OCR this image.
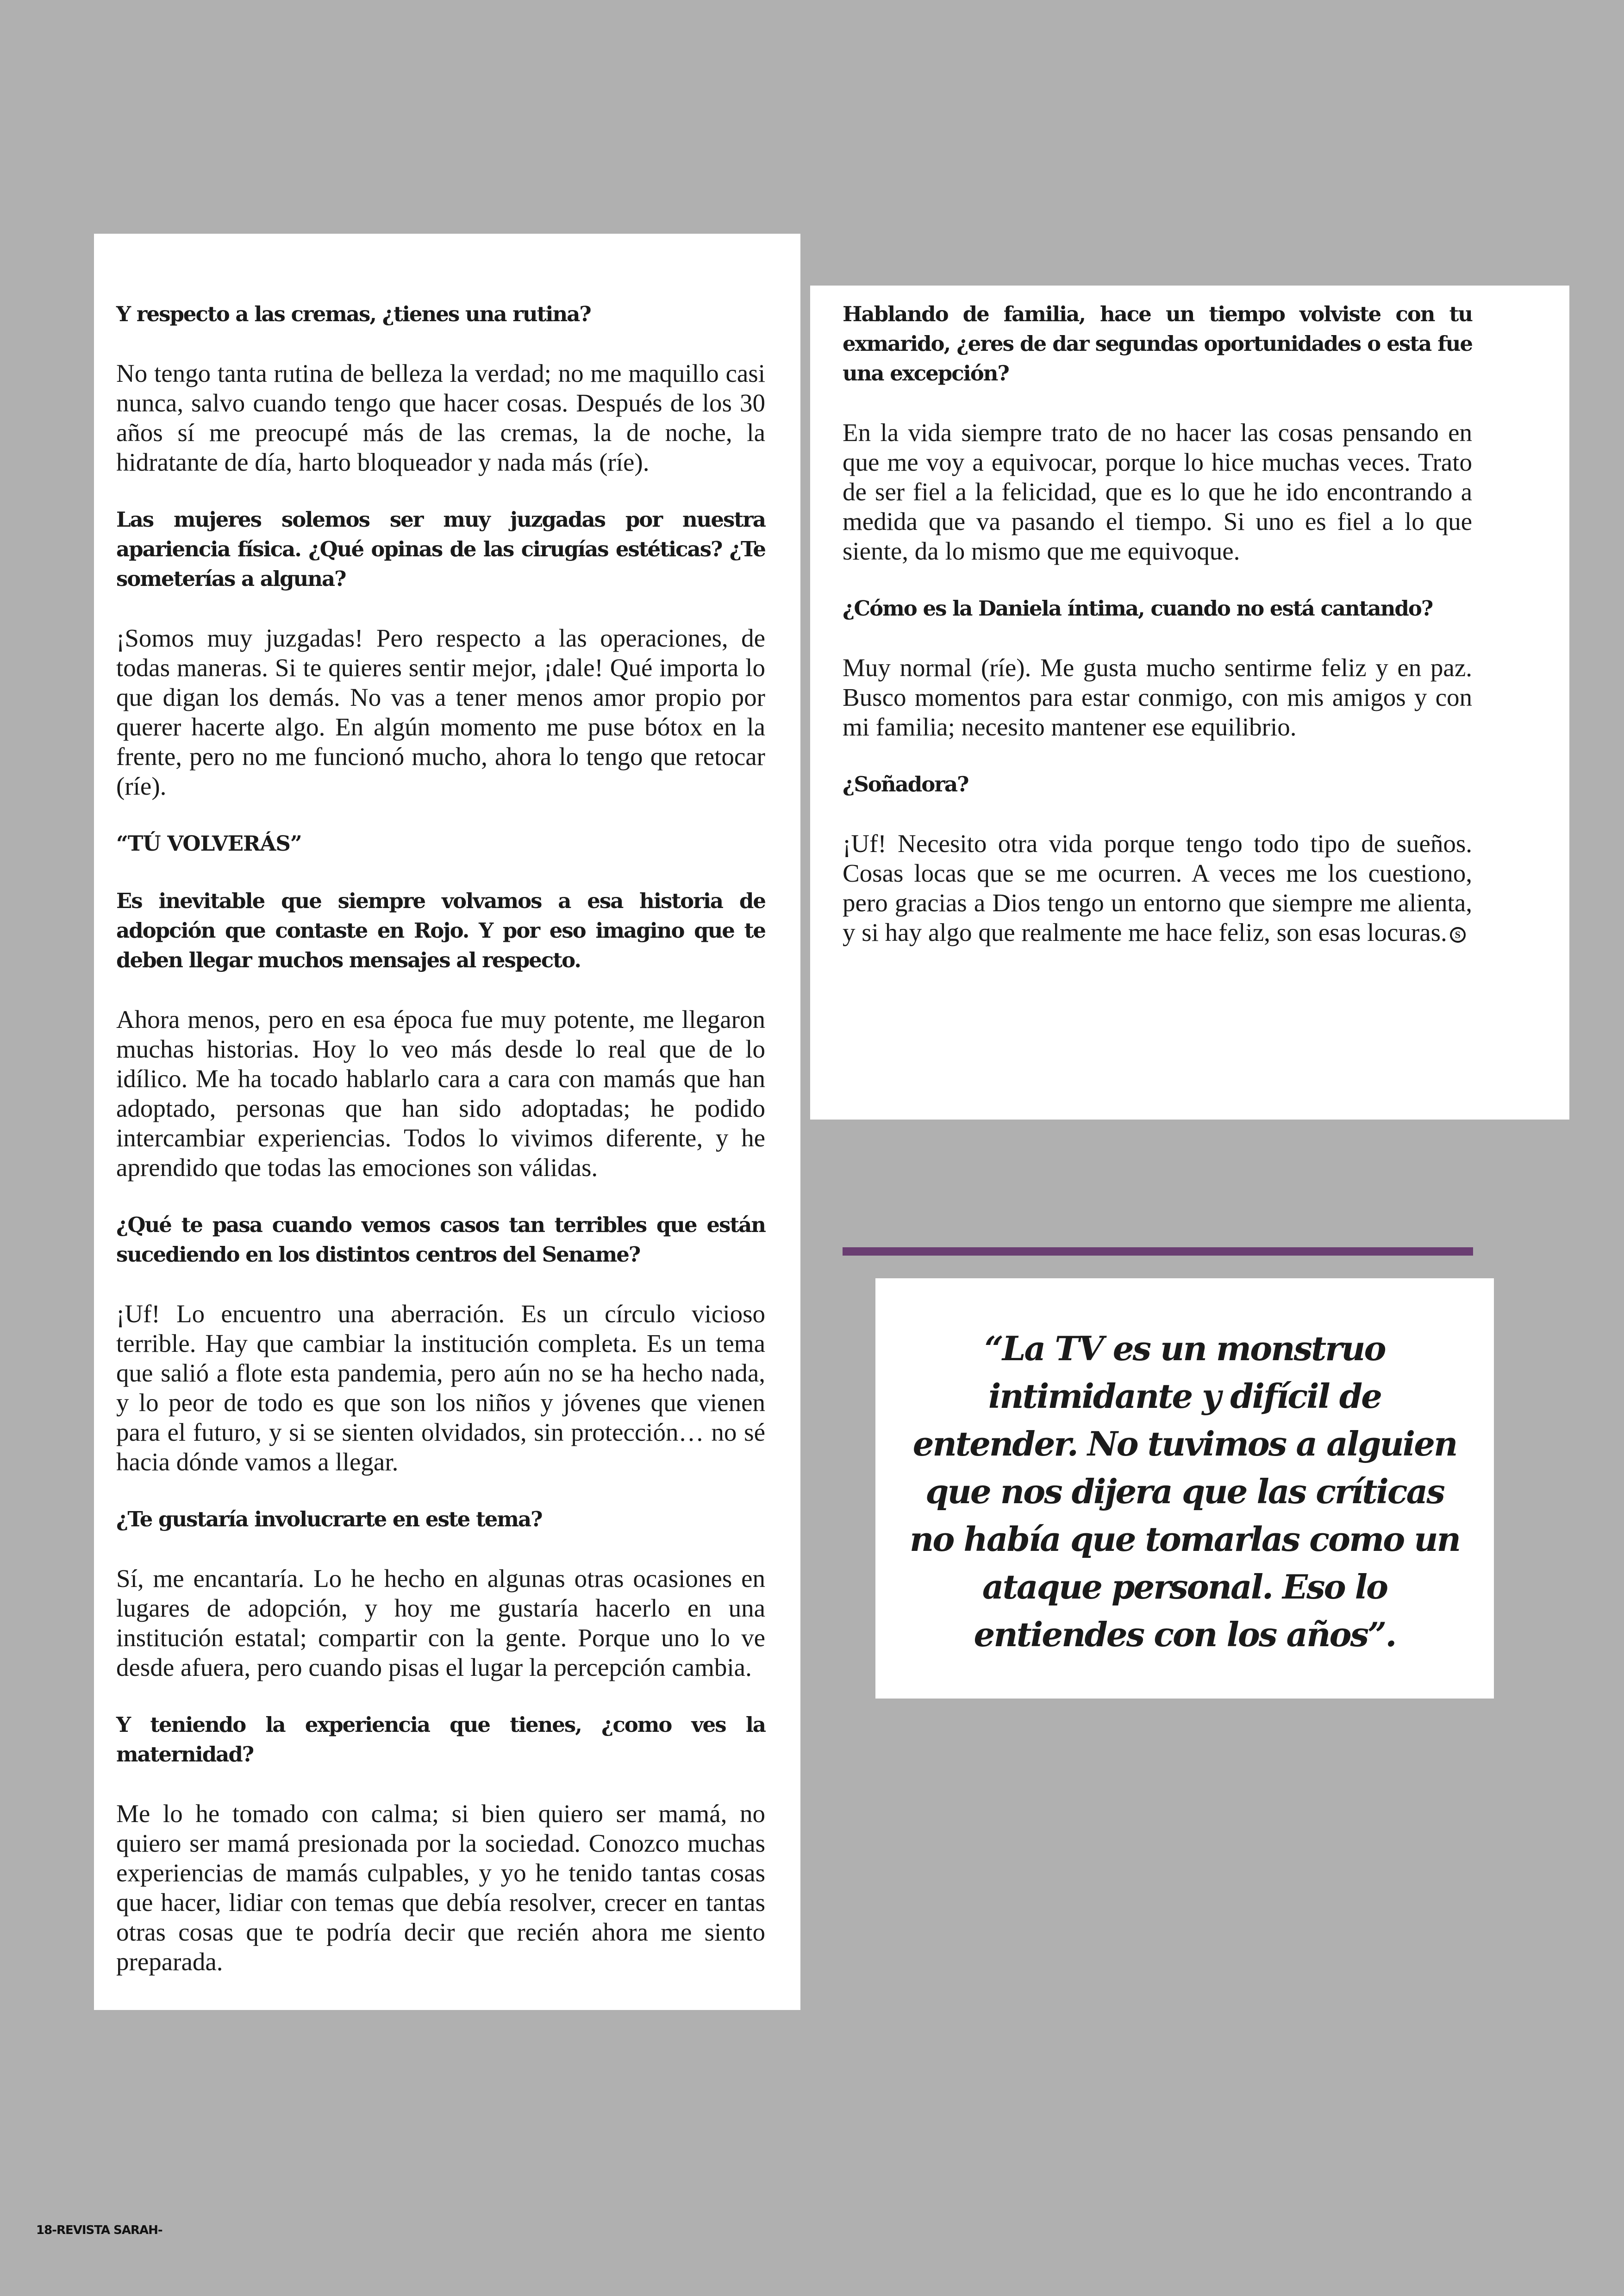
Y respecto a las cremas, ¿tienes una rutina?

No tengo tanta rutina de belleza la verdad; no me maquillo casi nunca, salvo cuando tengo que hacer cosas. Después de los 30 años sí me preocupé más de las cremas, la de noche, la hidratante de día, harto bloqueador y nada más (ríe).

Las mujeres solemos ser muy juzgadas por nuestra apariencia física. ¿Qué opinas de las cirugías estéticas? ¿Te someterías a alguna?

¡Somos muy juzgadas! Pero respecto a las operaciones, de todas maneras. Si te quieres sentir mejor, ¡dale! Qué importa lo que digan los demás. No vas a tener menos amor propio por querer hacerte algo. En algún momento me puse bótox en la frente, pero no me funcionó mucho, ahora lo tengo que retocar (ríe).

“TÚ VOLVERÁS”

Es inevitable que siempre volvamos a esa historia de adopción que contaste en Rojo. Y por eso imagino que te deben llegar muchos mensajes al respecto.

Ahora menos, pero en esa época fue muy potente, me llegaron muchas historias. Hoy lo veo más desde lo real que de lo idílico. Me ha tocado hablarlo cara a cara con mamás que han adoptado, personas que han sido adoptadas; he podido intercambiar experiencias. Todos lo vivimos diferente, y he aprendido que todas las emociones son válidas.

¿Qué te pasa cuando vemos casos tan terribles que están sucediendo en los distintos centros del Sename?

¡Uf! Lo encuentro una aberración. Es un círculo vicioso terrible. Hay que cambiar la institución completa. Es un tema que salió a flote esta pandemia, pero aún no se ha hecho nada, y lo peor de todo es que son los niños y jóvenes que vienen para el futuro, y si se sienten olvidados, sin protección… no sé hacia dónde vamos a llegar.

¿Te gustaría involucrarte en este tema?

Sí, me encantaría. Lo he hecho en algunas otras ocasiones en lugares de adopción, y hoy me gustaría hacerlo en una institución estatal; compartir con la gente. Porque uno lo ve desde afuera, pero cuando pisas el lugar la percepción cambia.

Y teniendo la experiencia que tienes, ¿como ves la maternidad?

Me lo he tomado con calma; si bien quiero ser mamá, no quiero ser mamá presionada por la sociedad. Conozco muchas experiencias de mamás culpables, y yo he tenido tantas cosas que hacer, lidiar con temas que debía resolver, crecer en tantas otras cosas que te podría decir que recién ahora me siento preparada.

Hablando de familia, hace un tiempo volviste con tu exmarido, ¿eres de dar segundas oportunidades o esta fue una excepción?

En la vida siempre trato de no hacer las cosas pensando en que me voy a equivocar, porque lo hice muchas veces. Trato de ser fiel a la felicidad, que es lo que he ido encontrando a medida que va pasando el tiempo. Si uno es fiel a lo que siente, da lo mismo que me equivoque.

¿Cómo es la Daniela íntima, cuando no está cantando?

Muy normal (ríe). Me gusta mucho sentirme feliz y en paz. Busco momentos para estar conmigo, con mis amigos y con mi familia; necesito mantener ese equilibrio.

¿Soñadora?

¡Uf! Necesito otra vida porque tengo todo tipo de sueños. Cosas locas que se me ocurren. A veces me los cuestiono, pero gracias a Dios tengo un entorno que siempre me alienta, y si hay algo que realmente me hace feliz, son esas locuras. S

“La TV es un monstruo intimidante y difícil de entender. No tuvimos a alguien que nos dijera que las críticas no había que tomarlas como un ataque personal. Eso lo entiendes con los años”.

18-REVISTA SARAH-
